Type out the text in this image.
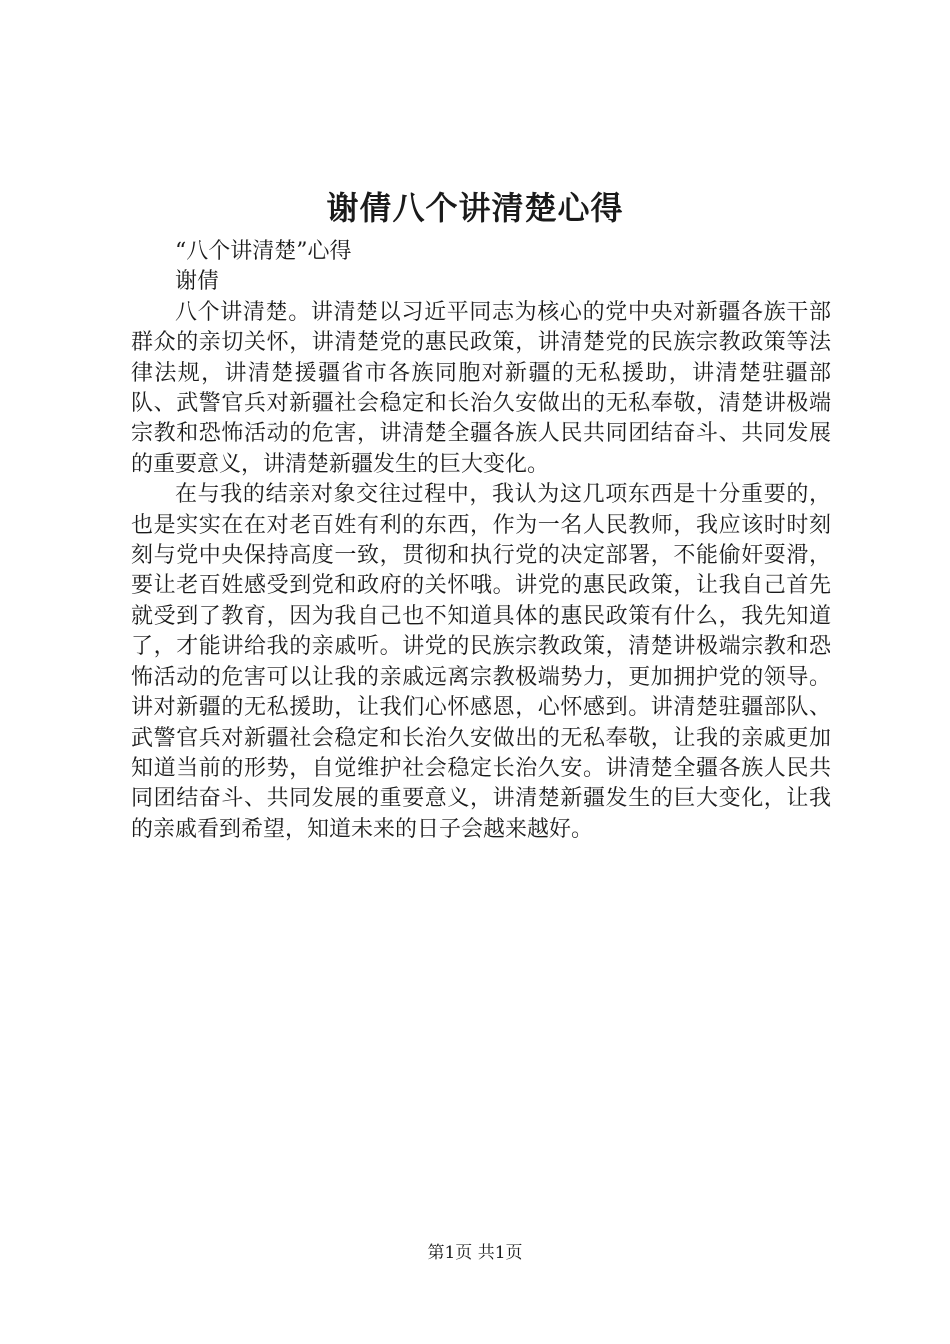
谢倩八个讲清楚心得

“八个讲清楚”心得

谢倩

八个讲清楚。讲清楚以习近平同志为核心的党中央对新疆各族干部群众的亲切关怀，讲清楚党的惠民政策，讲清楚党的民族宗教政策等法律法规，讲清楚援疆省市各族同胞对新疆的无私援助，讲清楚驻疆部队、武警官兵对新疆社会稳定和长治久安做出的无私奉敬，清楚讲极端宗教和恐怖活动的危害，讲清楚全疆各族人民共同团结奋斗、共同发展的重要意义，讲清楚新疆发生的巨大变化。

在与我的结亲对象交往过程中，我认为这几项东西是十分重要的，也是实实在在对老百姓有利的东西，作为一名人民教师，我应该时时刻刻与党中央保持高度一致，贯彻和执行党的决定部署，不能偷奸耍滑，要让老百姓感受到党和政府的关怀哦。讲党的惠民政策，让我自己首先就受到了教育，因为我自己也不知道具体的惠民政策有什么，我先知道了，才能讲给我的亲戚听。讲党的民族宗教政策，清楚讲极端宗教和恐怖活动的危害可以让我的亲戚远离宗教极端势力，更加拥护党的领导。讲对新疆的无私援助，让我们心怀感恩，心怀感到。讲清楚驻疆部队、武警官兵对新疆社会稳定和长治久安做出的无私奉敬，让我的亲戚更加知道当前的形势，自觉维护社会稳定长治久安。讲清楚全疆各族人民共同团结奋斗、共同发展的重要意义，讲清楚新疆发生的巨大变化，让我的亲戚看到希望，知道未来的日子会越来越好。

第1页 共1页
